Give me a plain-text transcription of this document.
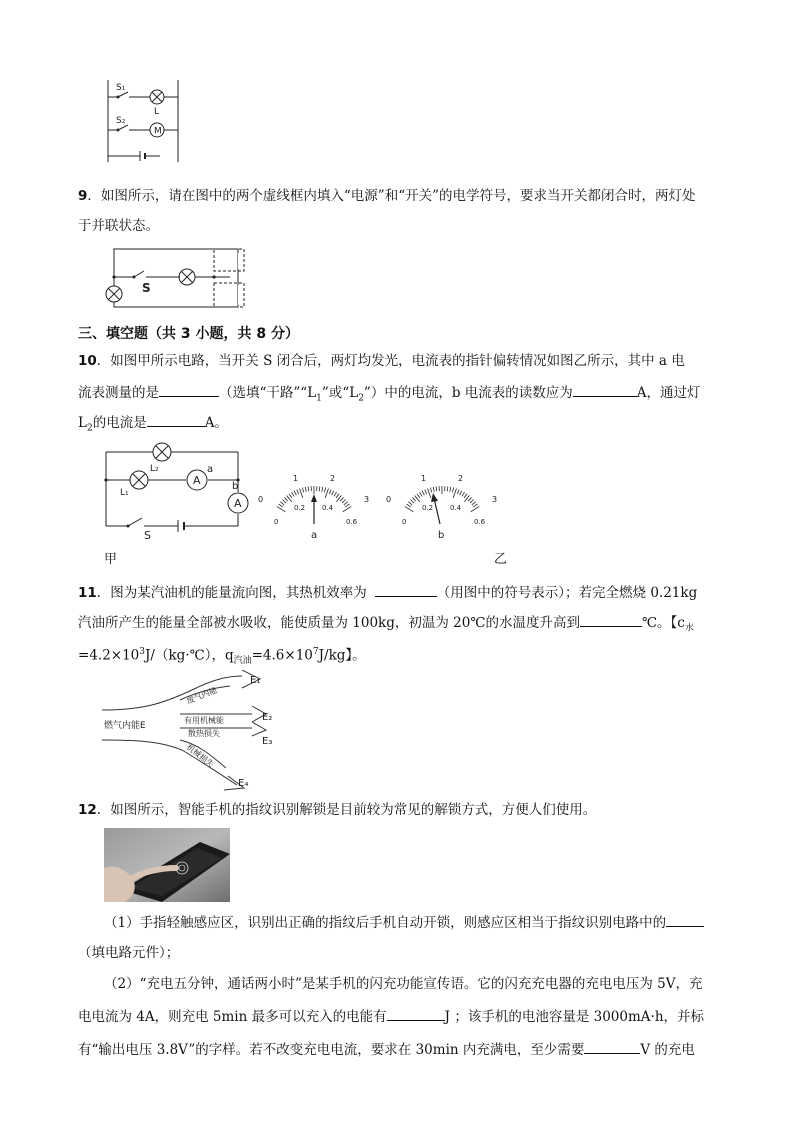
M
S₁
S₂
L
9．如图所示，请在图中的两个虚线框内填入“电源”和“开关”的电学符号，要求当开关都闭合时，两灯处
于并联状态。
S
三、填空题（共 3 小题，共 8 分）
10．如图甲所示电路，当开关 S 闭合后，两灯均发光，电流表的指针偏转情况如图乙所示，其中 a 电
流表测量的是	（选填“干路$”“L_1$”或“$L_2$”）中的电流，b 电流表的读数应为	A，通过灯
$L_2$的电流是	A。
A
A
L₂
L₁
a
b
S
甲	乙
1	2
0	3
0.2 0.4
0	0.6
a
1	2
0	3
0.2 0.4
0	0.6
b
11．图为某汽油机的能量流向图，其热机效率为	（用图中的符号表示）；若完全燃烧 0.21kg
汽油所产生的能量全部被水吸收，能使质量为 100kg，初温为 20℃的水温度升高到	℃。【$c_水$
$=4.2\times 10^3J/(kg\cdot℃)$，$q_{汽油}=4.6\times 10^7J/kg$】。
燃气内能E
E₁
E₂
E₃
E₄
废气内能
有用机械能
散热损失
机械损失
12．如图所示，智能手机的指纹识别解锁是目前较为常见的解锁方式，方便人们使用。
（1）手指轻触感应区，识别出正确的指纹后手机自动开锁，则感应区相当于指纹识别电路中的
（填电路元件）；
（2）“充电五分钟，通话两小时”是某手机的闪充功能宣传语。它的闪充充电器的充电电压为 5V，充
电电流为 4A，则充电 5min 最多可以充入的电能有	J ；该手机的电池容量是 3000mA·h，并标
有“输出电压 3.8V”的字样。若不改变充电电流，要求在 30min 内充满电，至少需要	V 的充电
